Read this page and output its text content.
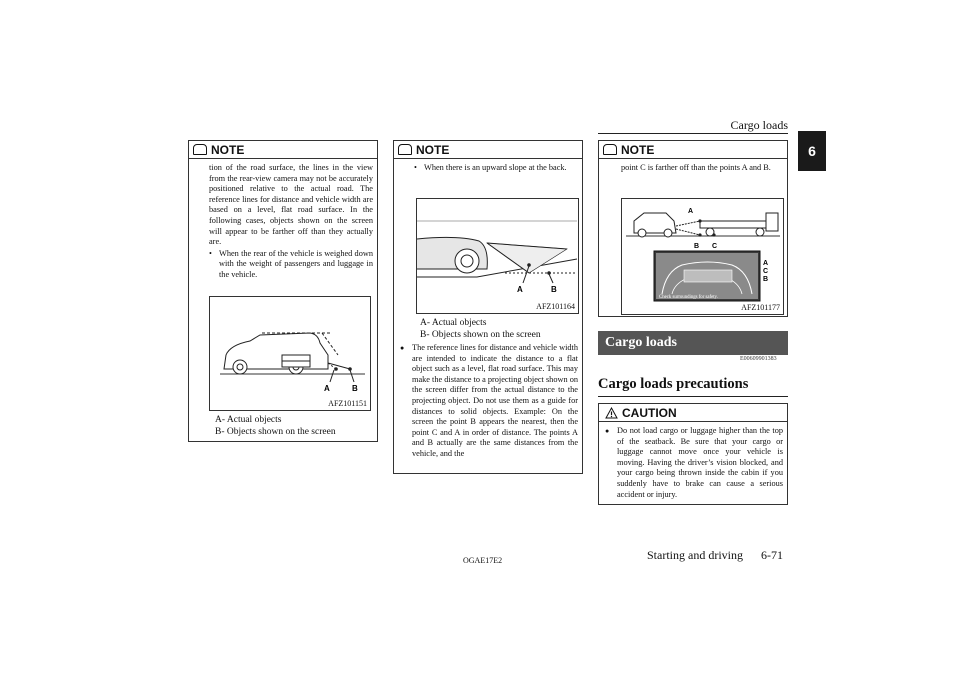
Cargo loads
6
NOTE
tion of the road surface, the lines in the view from the rear-view camera may not be accurately positioned relative to the actual road. The reference lines for distance and vehicle width are based on a level, flat road surface. In the following cases, objects shown on the screen will appear to be farther off than they actually are.
• When the rear of the vehicle is weighed down with the weight of passengers and luggage in the vehicle.
A	B
AFZ101151
A- Actual objects
B- Objects shown on the screen
NOTE
• When there is an upward slope at the back.
A	B
AFZ101164
A- Actual objects
B- Objects shown on the screen
● The reference lines for distance and vehicle width are intended to indicate the distance to a flat object such as a level, flat road surface. This may make the distance to a projecting object shown on the screen differ from the actual distance to the projecting object. Do not use them as a guide for distances to solid objects. Example: On the screen the point B appears the nearest, then the point C and A in order of distance. The points A and B actually are the same distances from the vehicle, and the
NOTE
point C is farther off than the points A and B.
A
B C
Check surroundings for safety.
A
C
B
AFZ101177
Cargo loads
E00609901383
Cargo loads precautions
CAUTION
● Do not load cargo or luggage higher than the top of the seatback. Be sure that your cargo or luggage cannot move once your vehicle is moving. Having the driver’s vision blocked, and your cargo being thrown inside the cabin if you suddenly have to brake can cause a serious accident or injury.
OGAE17E2	Starting and driving 6-71
